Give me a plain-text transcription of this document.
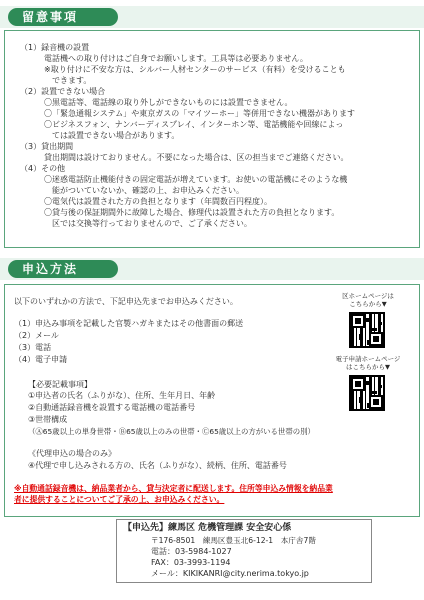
留意事項
（1）録音機の設置
電話機への取り付けはご自身でお願いします。工具等は必要ありません。
※取り付けに不安な方は、シルバー人材センターのサービス（有料）を受けることも
できます。
（2）設置できない場合
〇黒電話等、電話線の取り外しができないものには設置できません。
〇「緊急通報システム」や東京ガスの「マイツーホー」等併用できない機器があります
〇ビジネスフォン、ナンバーディスプレイ、インターホン等、電話機能や回線によっ
ては設置できない場合があります。
（3）貸出期間
貸出期間は設けておりません。不要になった場合は、区の担当までご連絡ください。
（4）その他
〇迷惑電話防止機能付きの固定電話が増えています。お使いの電話機にそのような機
能がついていないか、確認の上、お申込みください。
〇電気代は設置された方の負担となります（年間数百円程度）。
〇貸与後の保証期間外に故障した場合、修理代は設置された方の負担となります。
区では交換等行っておりませんので、ご了承ください。
申込方法
以下のいずれかの方法で、下記申込先までお申込みください。
（1）申込み事項を記載した官製ハガキまたはその他書面の郵送
（2）メール
（3）電話
（4）電子申請
【必要記載事項】
①申込者の氏名（ふりがな）、住所、生年月日、年齢
②自動通話録音機を設置する電話機の電話番号
③世帯構成
（Ⓐ65歳以上の単身世帯・Ⓑ65歳以上のみの世帯・Ⓒ65歳以上の方がいる世帯の別）
《代理申込の場合のみ》
④代理で申し込みされる方の、氏名（ふりがな）、続柄、住所、電話番号
※自動通話録音機は、納品業者から、貸与決定者に配送します。住所等申込み情報を納品業
者に提供することについてご了承の上、お申込みください。
区ホームページは
こちらから▼
電子申請ホームページ
はこちらから▼
【申込先】練馬区 危機管理課 安全安心係
〒176-8501　練馬区豊玉北6-12-1　本庁舎7階
電話：03-5984-1027
FAX：03-3993-1194
メール：KIKIKANRI@city.nerima.tokyo.jp
